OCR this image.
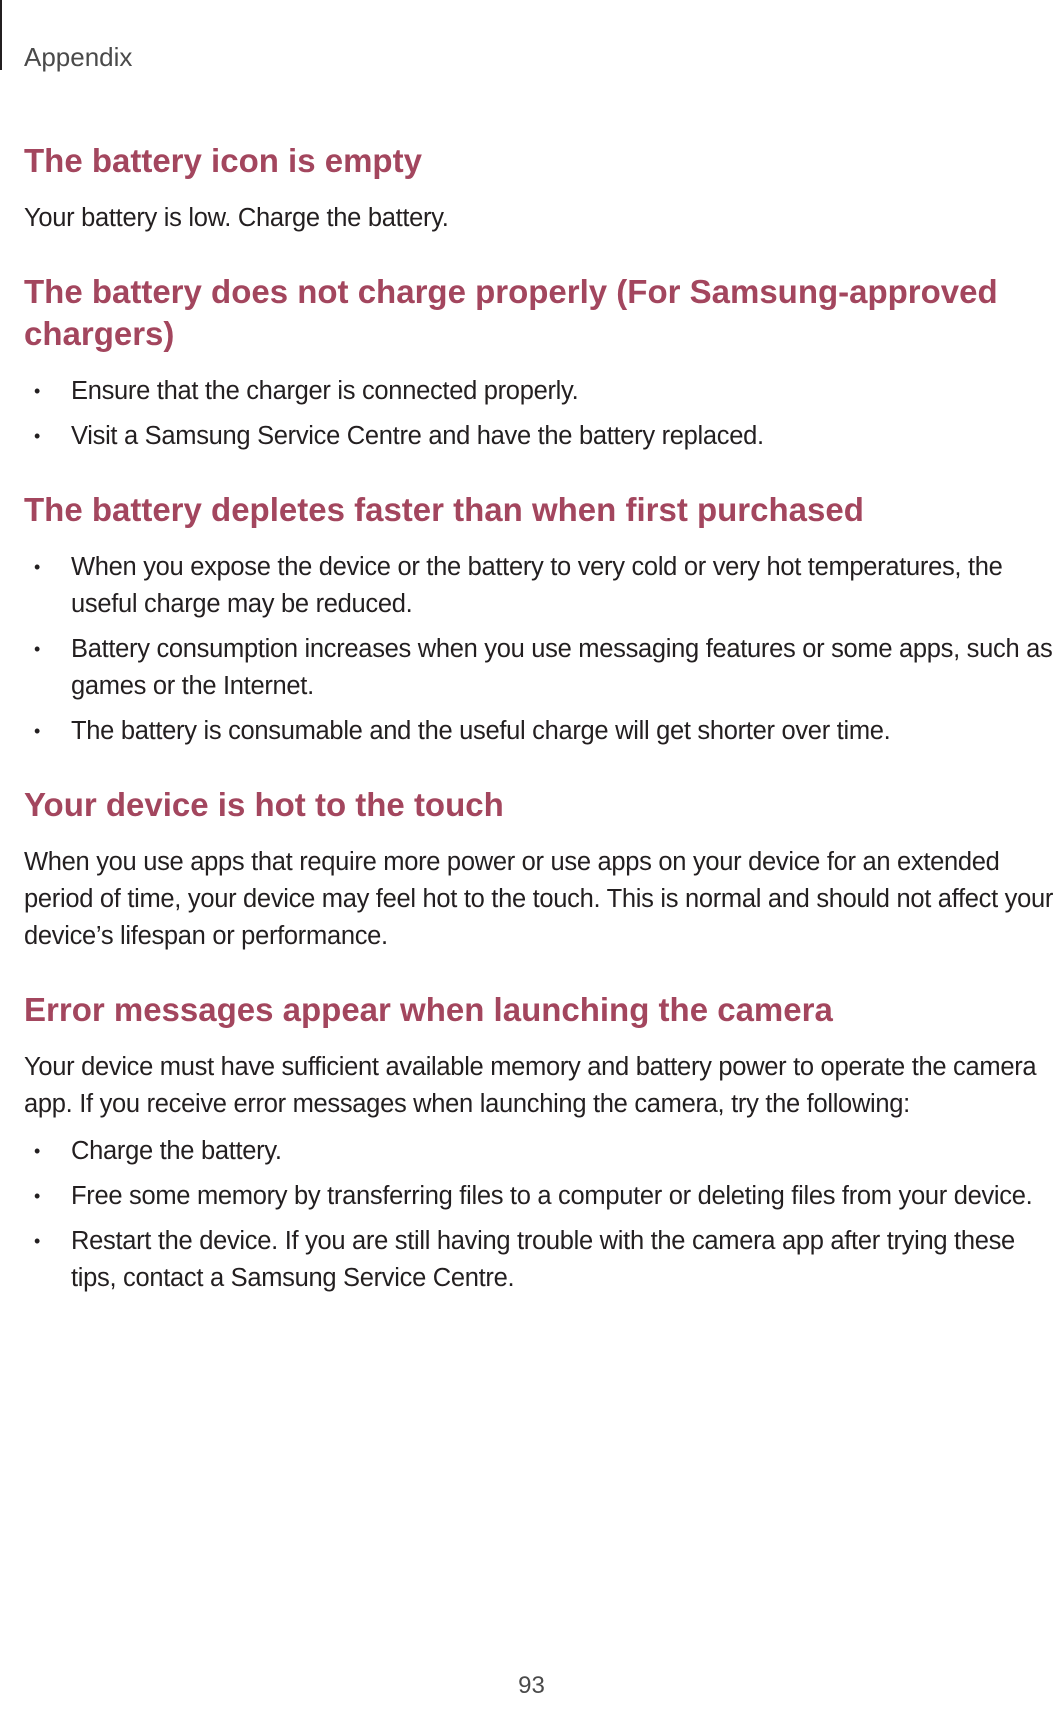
Appendix
The battery icon is empty

Your battery is low. Charge the battery.

The battery does not charge properly (For Samsung-approved chargers)
• Ensure that the charger is connected properly.
• Visit a Samsung Service Centre and have the battery replaced.
The battery depletes faster than when first purchased
• When you expose the device or the battery to very cold or very hot temperatures, the useful charge may be reduced.
• Battery consumption increases when you use messaging features or some apps, such as games or the Internet.
• The battery is consumable and the useful charge will get shorter over time.
Your device is hot to the touch

When you use apps that require more power or use apps on your device for an extended period of time, your device may feel hot to the touch. This is normal and should not affect your device’s lifespan or performance.

Error messages appear when launching the camera

Your device must have sufficient available memory and battery power to operate the camera app. If you receive error messages when launching the camera, try the following:

• Charge the battery.
• Free some memory by transferring files to a computer or deleting files from your device.
• Restart the device. If you are still having trouble with the camera app after trying these tips, contact a Samsung Service Centre.
93
